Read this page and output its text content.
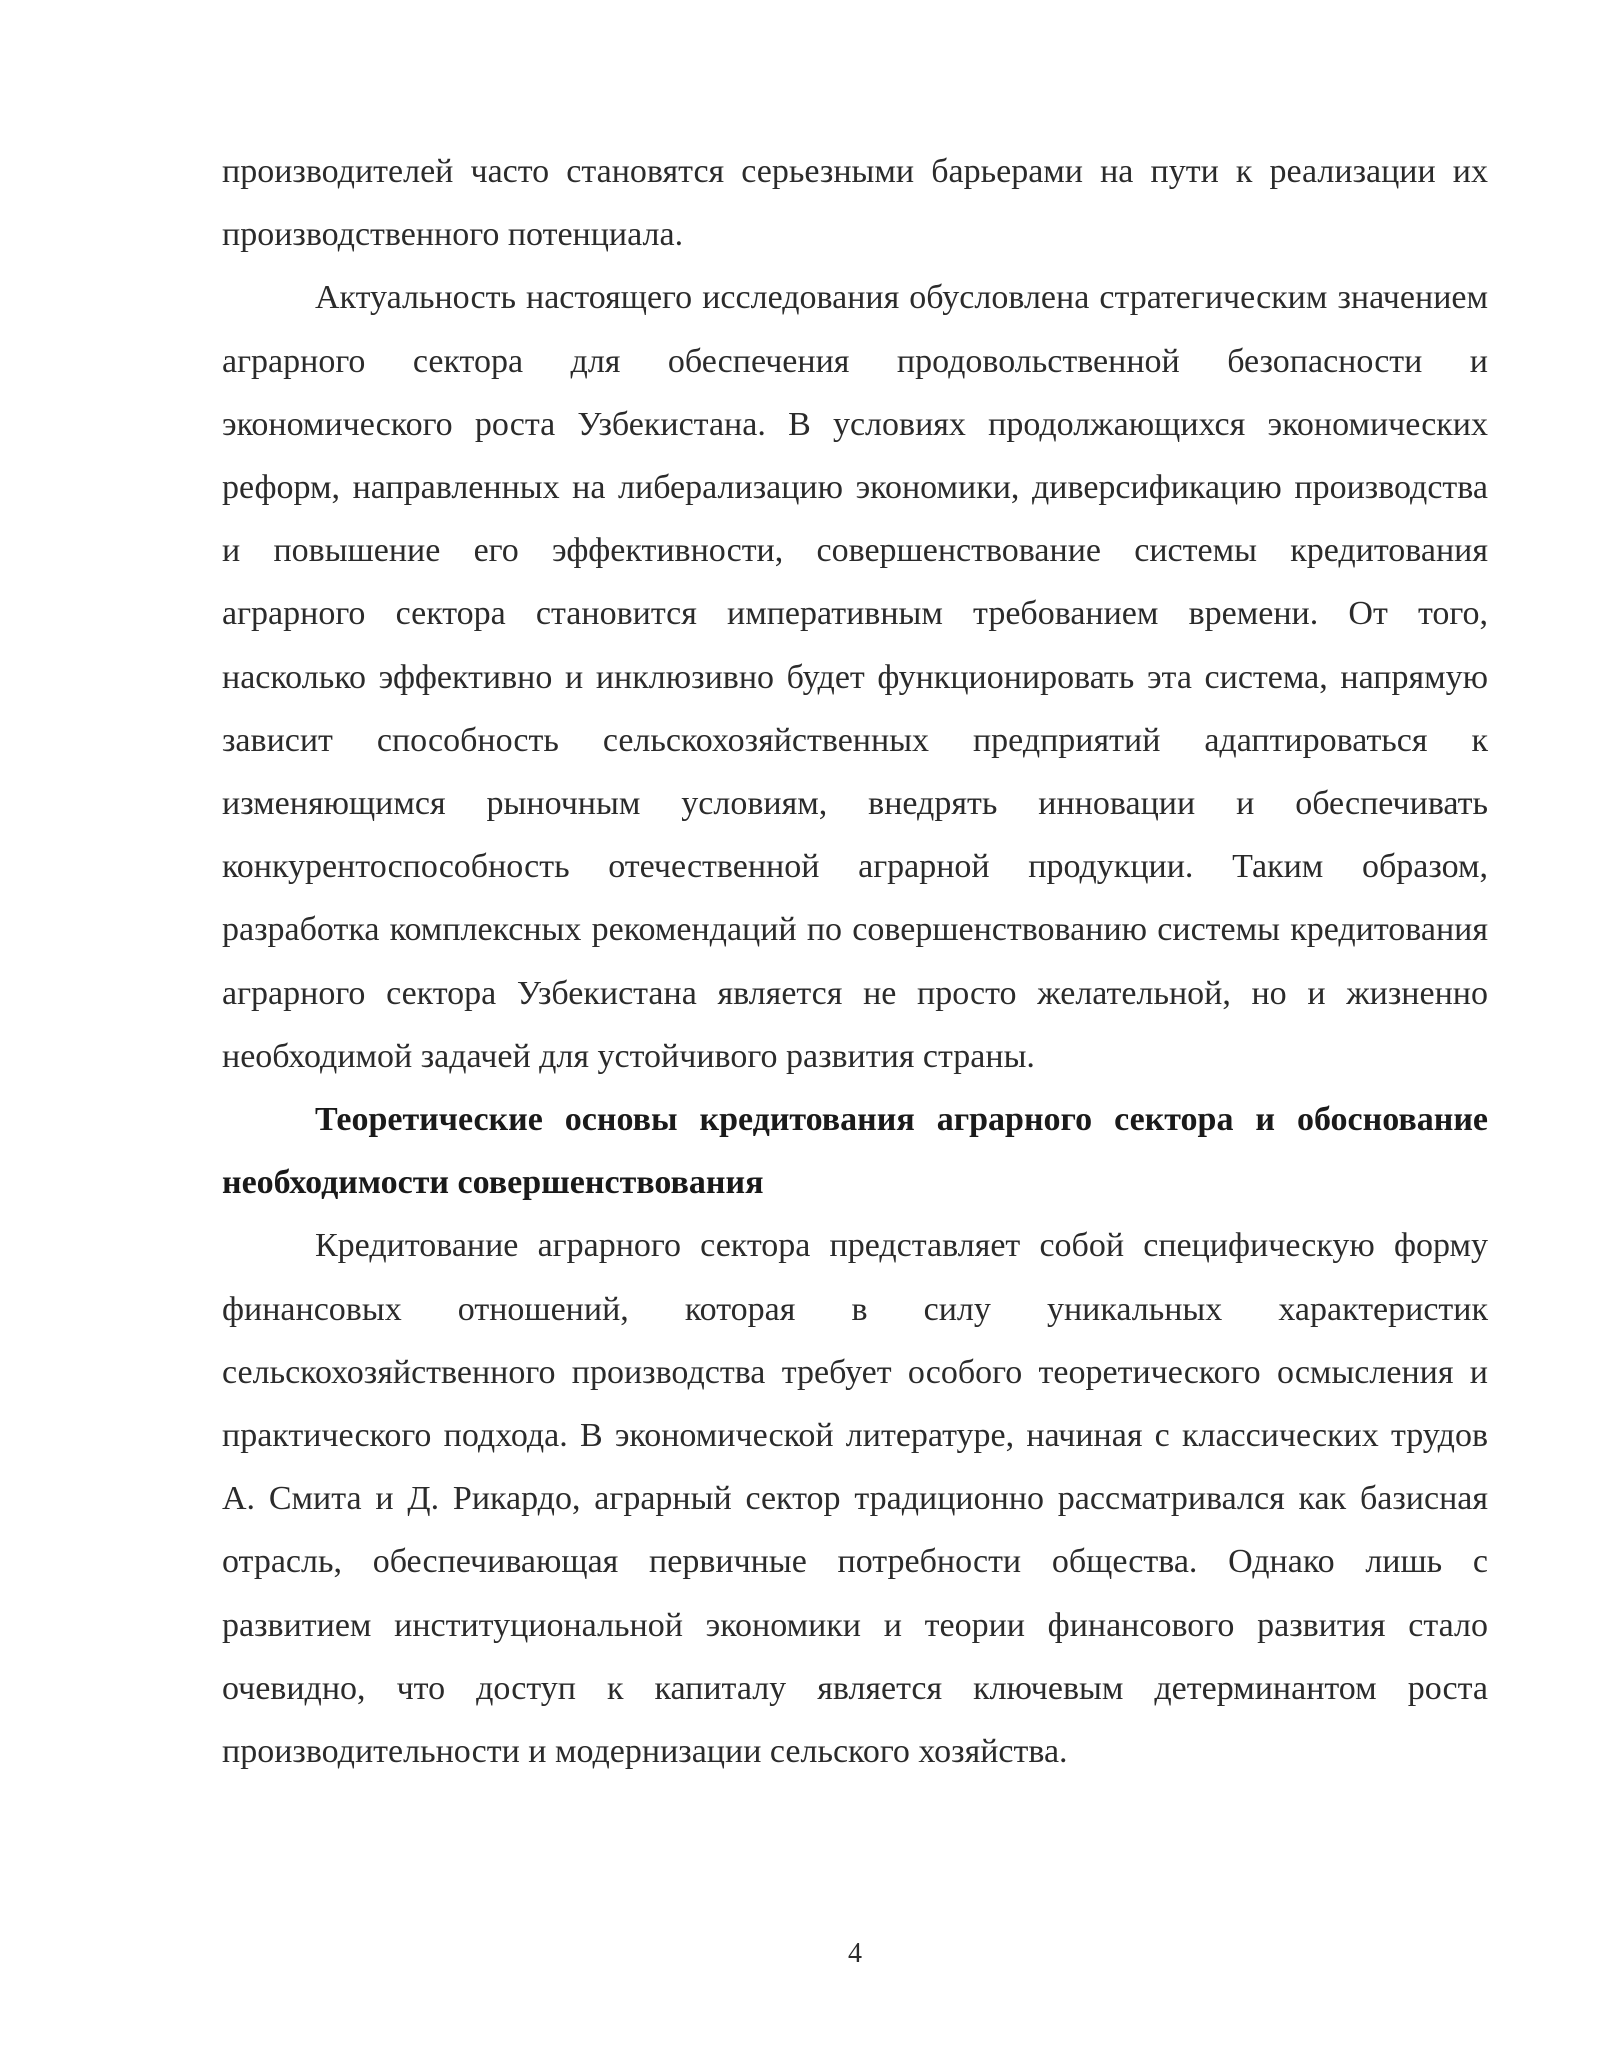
производителей часто становятся серьезными барьерами на пути к реализации их производственного потенциала.

Актуальность настоящего исследования обусловлена стратегическим значением аграрного сектора для обеспечения продовольственной безопасности и экономического роста Узбекистана. В условиях продолжающихся экономических реформ, направленных на либерализацию экономики, диверсификацию производства и повышение его эффективности, совершенствование системы кредитования аграрного сектора становится императивным требованием времени. От того, насколько эффективно и инклюзивно будет функционировать эта система, напрямую зависит способность сельскохозяйственных предприятий адаптироваться к изменяющимся рыночным условиям, внедрять инновации и обеспечивать конкурентоспособность отечественной аграрной продукции. Таким образом, разработка комплексных рекомендаций по совершенствованию системы кредитования аграрного сектора Узбекистана является не просто желательной, но и жизненно необходимой задачей для устойчивого развития страны.

Теоретические основы кредитования аграрного сектора и обоснование необходимости совершенствования

Кредитование аграрного сектора представляет собой специфическую форму финансовых отношений, которая в силу уникальных характеристик сельскохозяйственного производства требует особого теоретического осмысления и практического подхода. В экономической литературе, начиная с классических трудов А. Смита и Д. Рикардо, аграрный сектор традиционно рассматривался как базисная отрасль, обеспечивающая первичные потребности общества. Однако лишь с развитием институциональной экономики и теории финансового развития стало очевидно, что доступ к капиталу является ключевым детерминантом роста производительности и модернизации сельского хозяйства.

4
